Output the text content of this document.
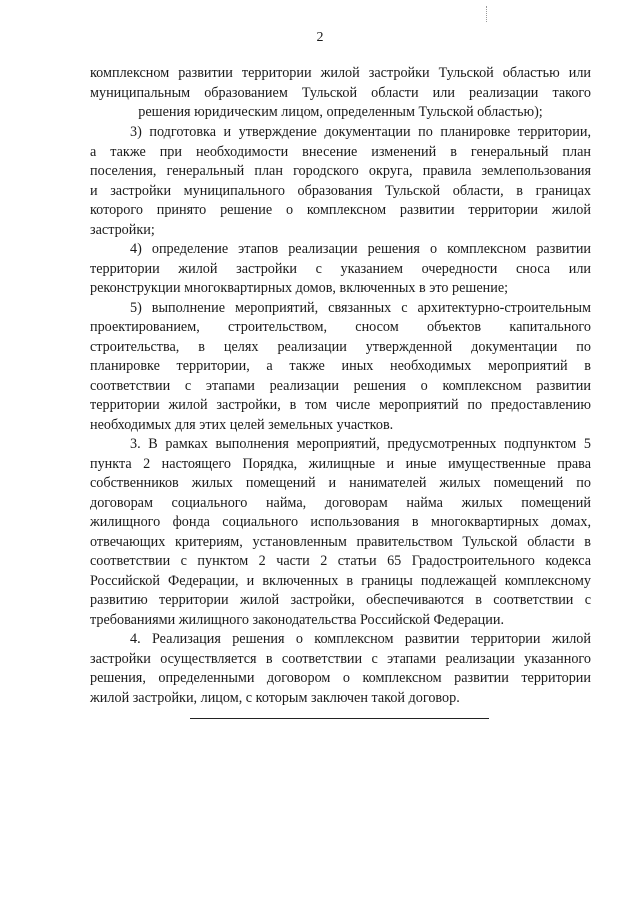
2

комплексном развитии территории жилой застройки Тульской областью или

муниципальным образованием Тульской области или реализации такого

решения юридическим лицом, определенным Тульской областью);

3) подготовка и утверждение документации по планировке территории,

а также при необходимости внесение изменений в генеральный план

поселения, генеральный план городского округа, правила землепользования

и застройки муниципального образования Тульской области, в границах

которого принято решение о комплексном развитии территории жилой

застройки;

4) определение этапов реализации решения о комплексном развитии

территории жилой застройки с указанием очередности сноса или

реконструкции многоквартирных домов, включенных в это решение;

5) выполнение мероприятий, связанных с архитектурно-строительным

проектированием, строительством, сносом объектов капитального

строительства, в целях реализации утвержденной документации по

планировке территории, а также иных необходимых мероприятий в

соответствии с этапами реализации решения о комплексном развитии

территории жилой застройки, в том числе мероприятий по предоставлению

необходимых для этих целей земельных участков.

3. В рамках выполнения мероприятий, предусмотренных подпунктом 5

пункта 2 настоящего Порядка, жилищные и иные имущественные права

собственников жилых помещений и нанимателей жилых помещений по

договорам социального найма, договорам найма жилых помещений

жилищного фонда социального использования в многоквартирных домах,

отвечающих критериям, установленным правительством Тульской области в

соответствии с пунктом 2 части 2 статьи 65 Градостроительного кодекса

Российской Федерации, и включенных в границы подлежащей комплексному

развитию территории жилой застройки, обеспечиваются в соответствии с

требованиями жилищного законодательства Российской Федерации.

4. Реализация решения о комплексном развитии территории жилой

застройки осуществляется в соответствии с этапами реализации указанного

решения, определенными договором о комплексном развитии территории

жилой застройки, лицом, с которым заключен такой договор.
